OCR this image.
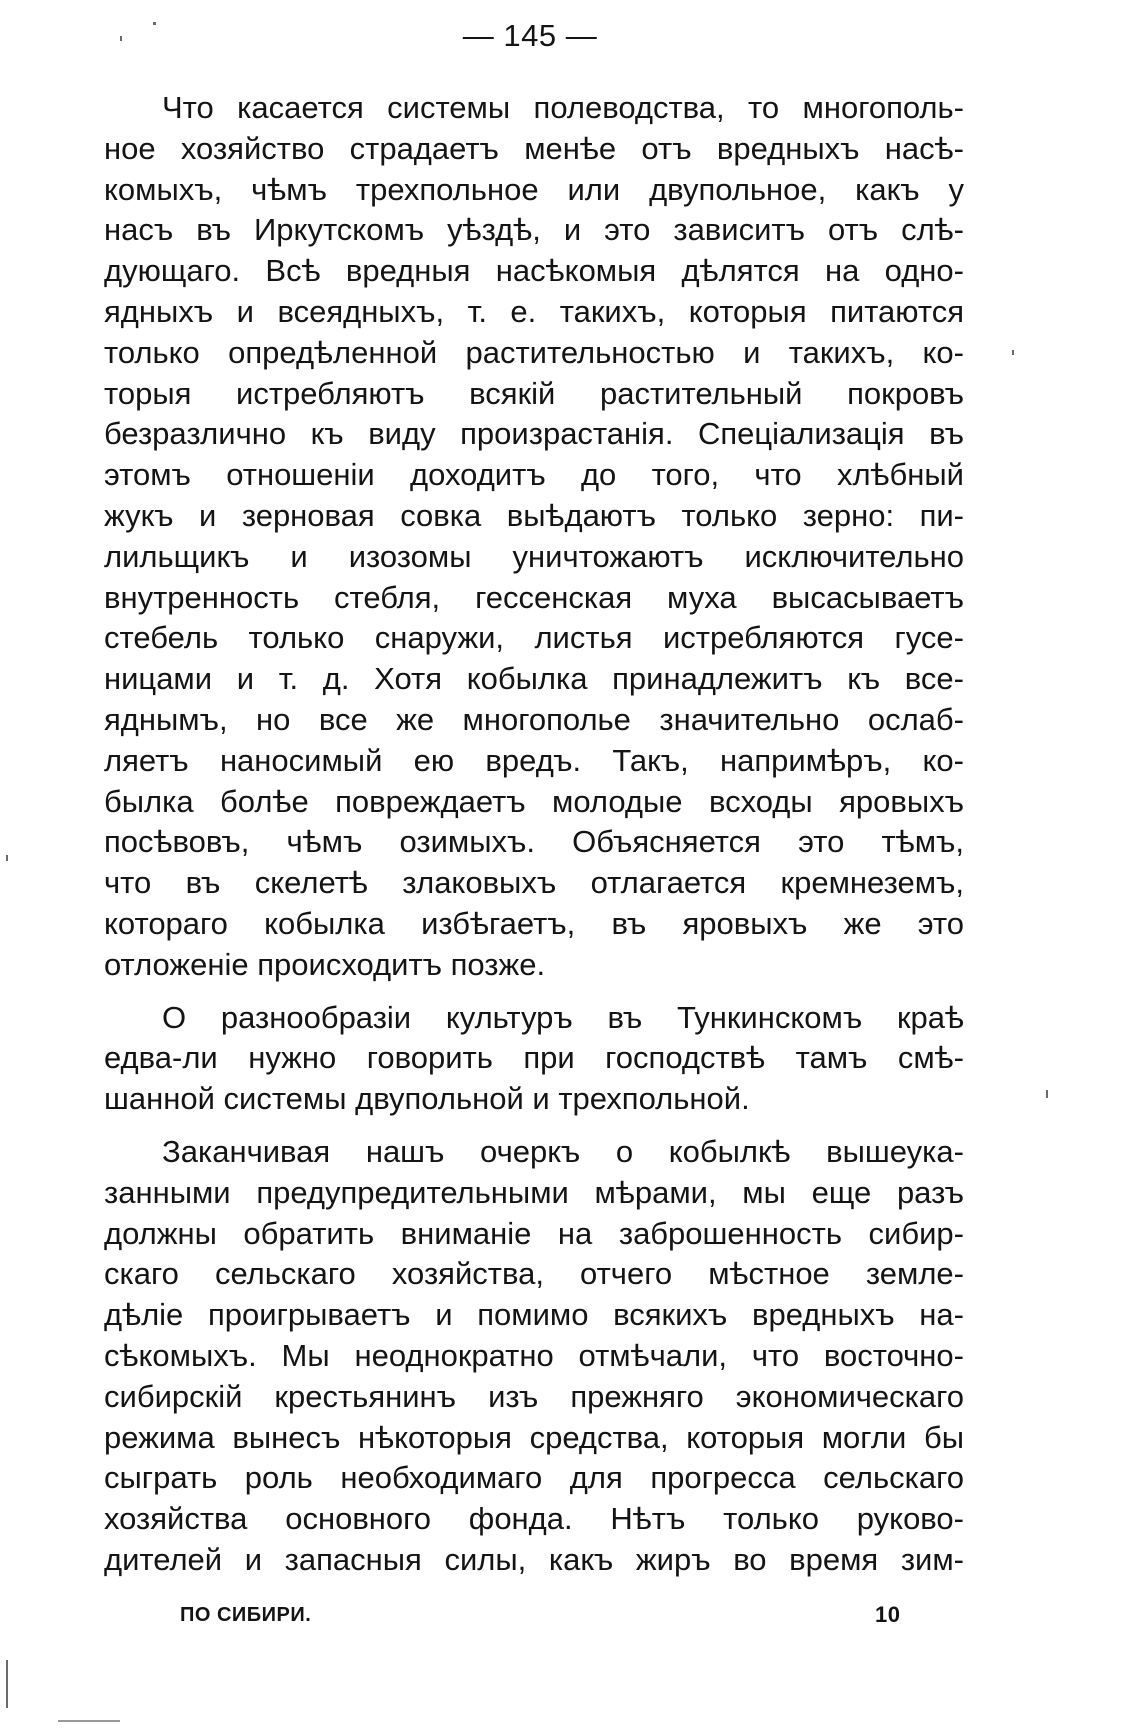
— 145 —
Что касается системы полеводства, то многополь-
ное хозяйство страдаетъ менѣе отъ вредныхъ насѣ-
комыхъ, чѣмъ трехпольное или двупольное, какъ у
насъ въ Иркутскомъ уѣздѣ, и это зависитъ отъ слѣ-
дующаго. Всѣ вредныя насѣкомыя дѣлятся на одно-
ядныхъ и всеядныхъ, т. е. такихъ, которыя питаются
только опредѣленной растительностью и такихъ, ко-
торыя истребляютъ всякій растительный покровъ
безразлично къ виду произрастанія. Спеціализація въ
этомъ отношеніи доходитъ до того, что хлѣбный
жукъ и зерновая совка выѣдаютъ только зерно: пи-
лильщикъ и изозомы уничтожаютъ исключительно
внутренность стебля, гессенская муха высасываетъ
стебель только снаружи, листья истребляются гусе-
ницами и т. д. Хотя кобылка принадлежитъ къ все-
яднымъ, но все же многополье значительно ослаб-
ляетъ наносимый ею вредъ. Такъ, напримѣръ, ко-
былка болѣе повреждаетъ молодые всходы яровыхъ
посѣвовъ, чѣмъ озимыхъ. Объясняется это тѣмъ,
что въ скелетѣ злаковыхъ отлагается кремнеземъ,
котораго кобылка избѣгаетъ, въ яровыхъ же это
отложеніе происходитъ позже.
О разнообразіи культуръ въ Тункинскомъ краѣ
едва-ли нужно говорить при господствѣ тамъ смѣ-
шанной системы двупольной и трехпольной.
Заканчивая нашъ очеркъ о кобылкѣ вышеука-
занными предупредительными мѣрами, мы еще разъ
должны обратить вниманіе на заброшенность сибир-
скаго сельскаго хозяйства, отчего мѣстное земле-
дѣліе проигрываетъ и помимо всякихъ вредныхъ на-
сѣкомыхъ. Мы неоднократно отмѣчали, что восточно-
сибирскій крестьянинъ изъ прежняго экономическаго
режима вынесъ нѣкоторыя средства, которыя могли бы
сыграть роль необходимаго для прогресса сельскаго
хозяйства основного фонда. Нѣтъ только руково-
дителей и запасныя силы, какъ жиръ во время зим-
ПО СИБИРИ.	10
